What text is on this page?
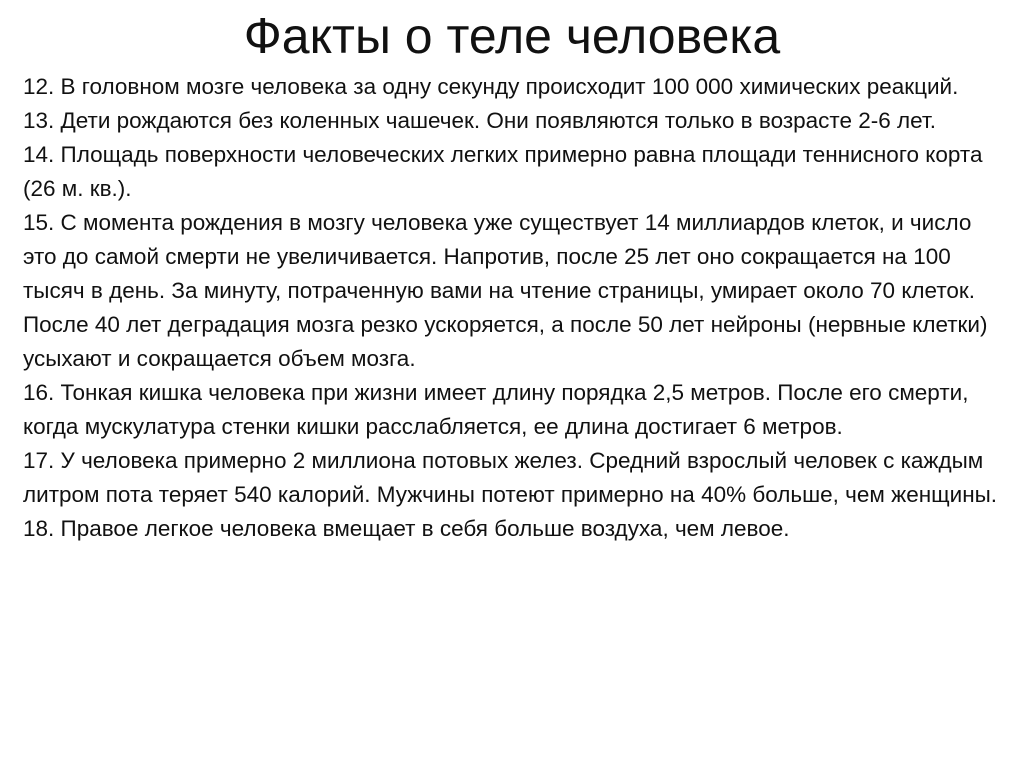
Факты о теле человека
12. В головном мозге человека за одну секунду происходит 100 000 химических реакций.
13. Дети рождаются без коленных чашечек. Они появляются только в возрасте 2-6 лет.
14. Площадь поверхности человеческих легких примерно равна площади теннисного корта (26 м. кв.).
15. С момента рождения в мозгу человека уже существует 14 миллиардов клеток, и число это до самой смерти не увеличивается. Напротив, после 25 лет оно сокращается на 100 тысяч в день. За минуту, потраченную вами на чтение страницы, умирает около 70 клеток. После 40 лет деградация мозга резко ускоряется, а после 50 лет нейроны (нервные клетки) усыхают и сокращается объем мозга.
16. Тонкая кишка человека при жизни имеет длину порядка 2,5 метров. После его смерти, когда мускулатура стенки кишки расслабляется, ее длина достигает 6 метров.
17. У человека примерно 2 миллиона потовых желез. Средний взрослый человек с каждым литром пота теряет 540 калорий. Мужчины потеют примерно на 40% больше, чем женщины.
18. Правое легкое человека вмещает в себя больше воздуха, чем левое.
